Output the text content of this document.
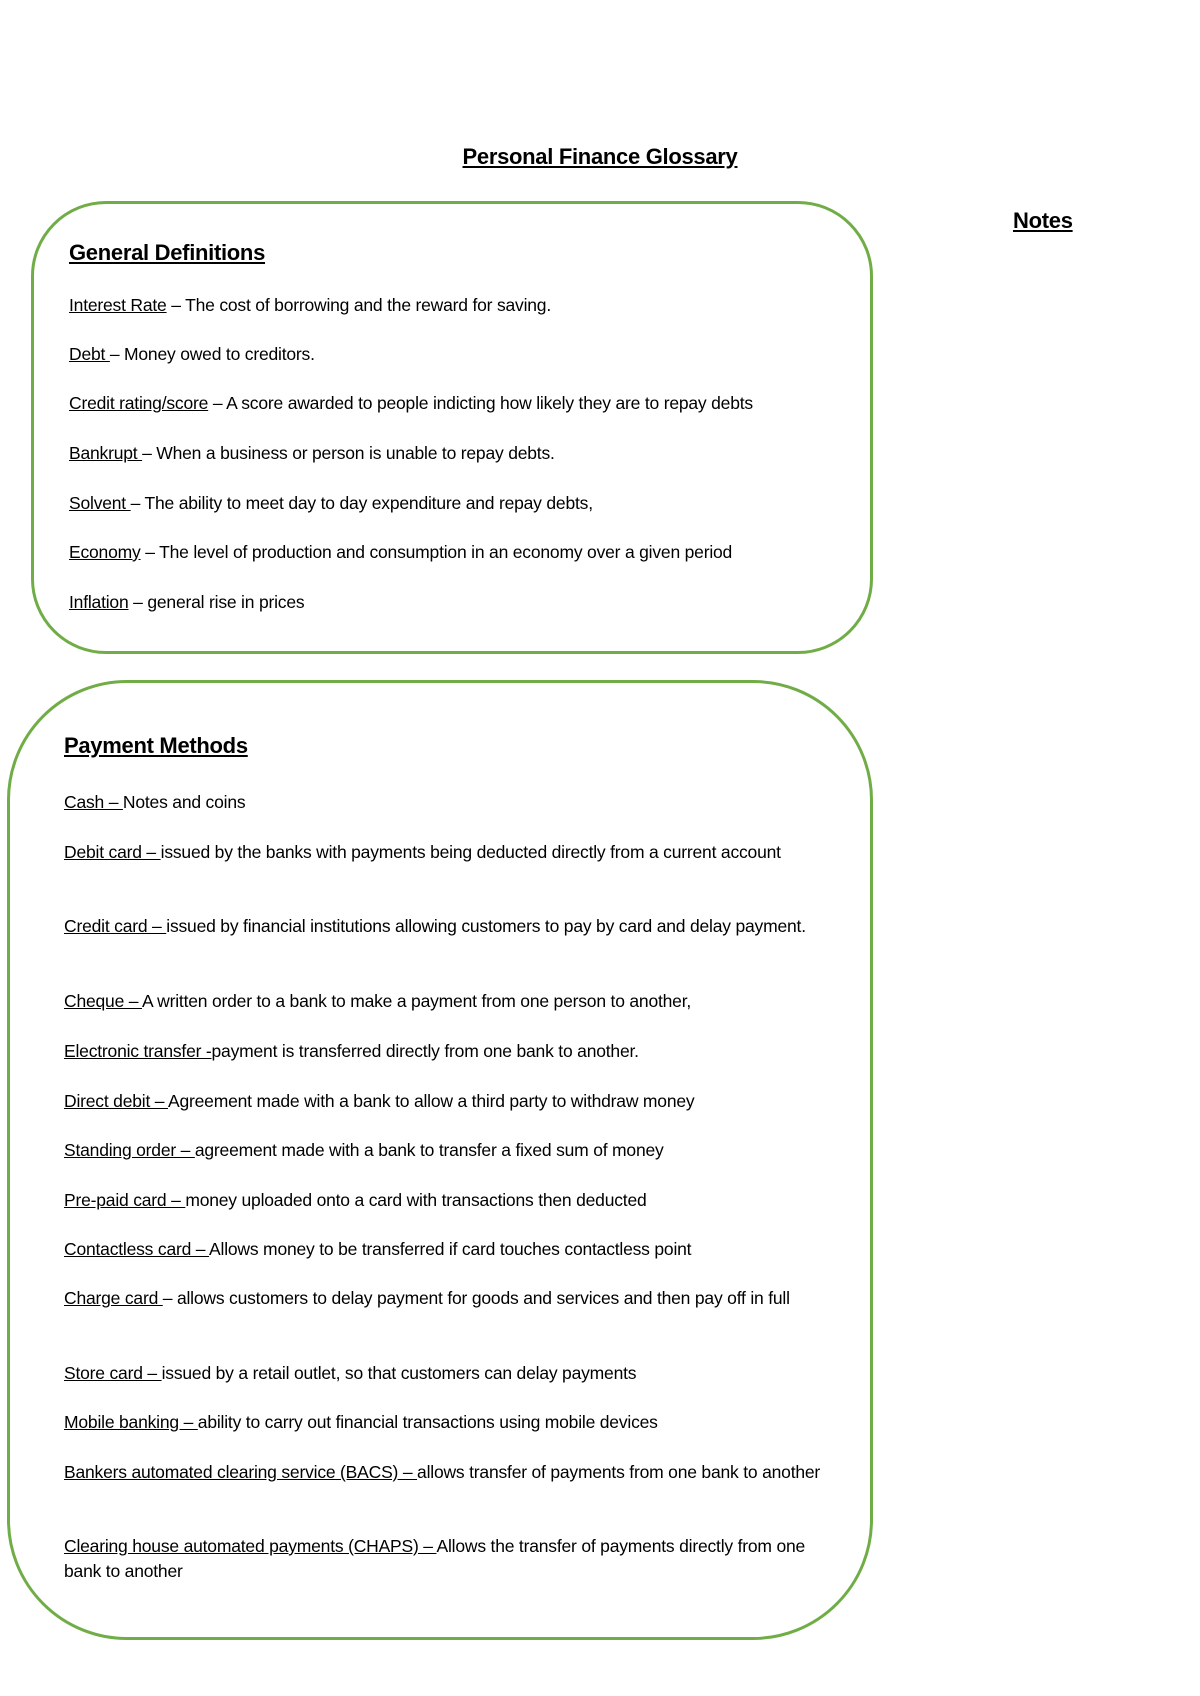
Personal Finance Glossary
Notes
General Definitions
Interest Rate – The cost of borrowing and the reward for saving.
Debt – Money owed to creditors.
Credit rating/score – A score awarded to people indicting how likely they are to repay debts
Bankrupt – When a business or person is unable to repay debts.
Solvent – The ability to meet day to day expenditure and repay debts,
Economy – The level of production and consumption in an economy over a given period
Inflation – general rise in prices
Payment Methods
Cash – Notes and coins
Debit card – issued by the banks with payments being deducted directly from a current account
Credit card – issued by financial institutions allowing customers to pay by card and delay payment.
Cheque – A written order to a bank to make a payment from one person to another,
Electronic transfer -payment is transferred directly from one bank to another.
Direct debit – Agreement made with a bank to allow a third party to withdraw money
Standing order – agreement made with a bank to transfer a fixed sum of money
Pre-paid card – money uploaded onto a card with transactions then deducted
Contactless card – Allows money to be transferred if card touches contactless point
Charge card – allows customers to delay payment for goods and services and then pay off in full
Store card – issued by a retail outlet, so that customers can delay payments
Mobile banking – ability to carry out financial transactions using mobile devices
Bankers automated clearing service (BACS) – allows transfer of payments from one bank to another
Clearing house automated payments (CHAPS) – Allows the transfer of payments directly from one bank to another
